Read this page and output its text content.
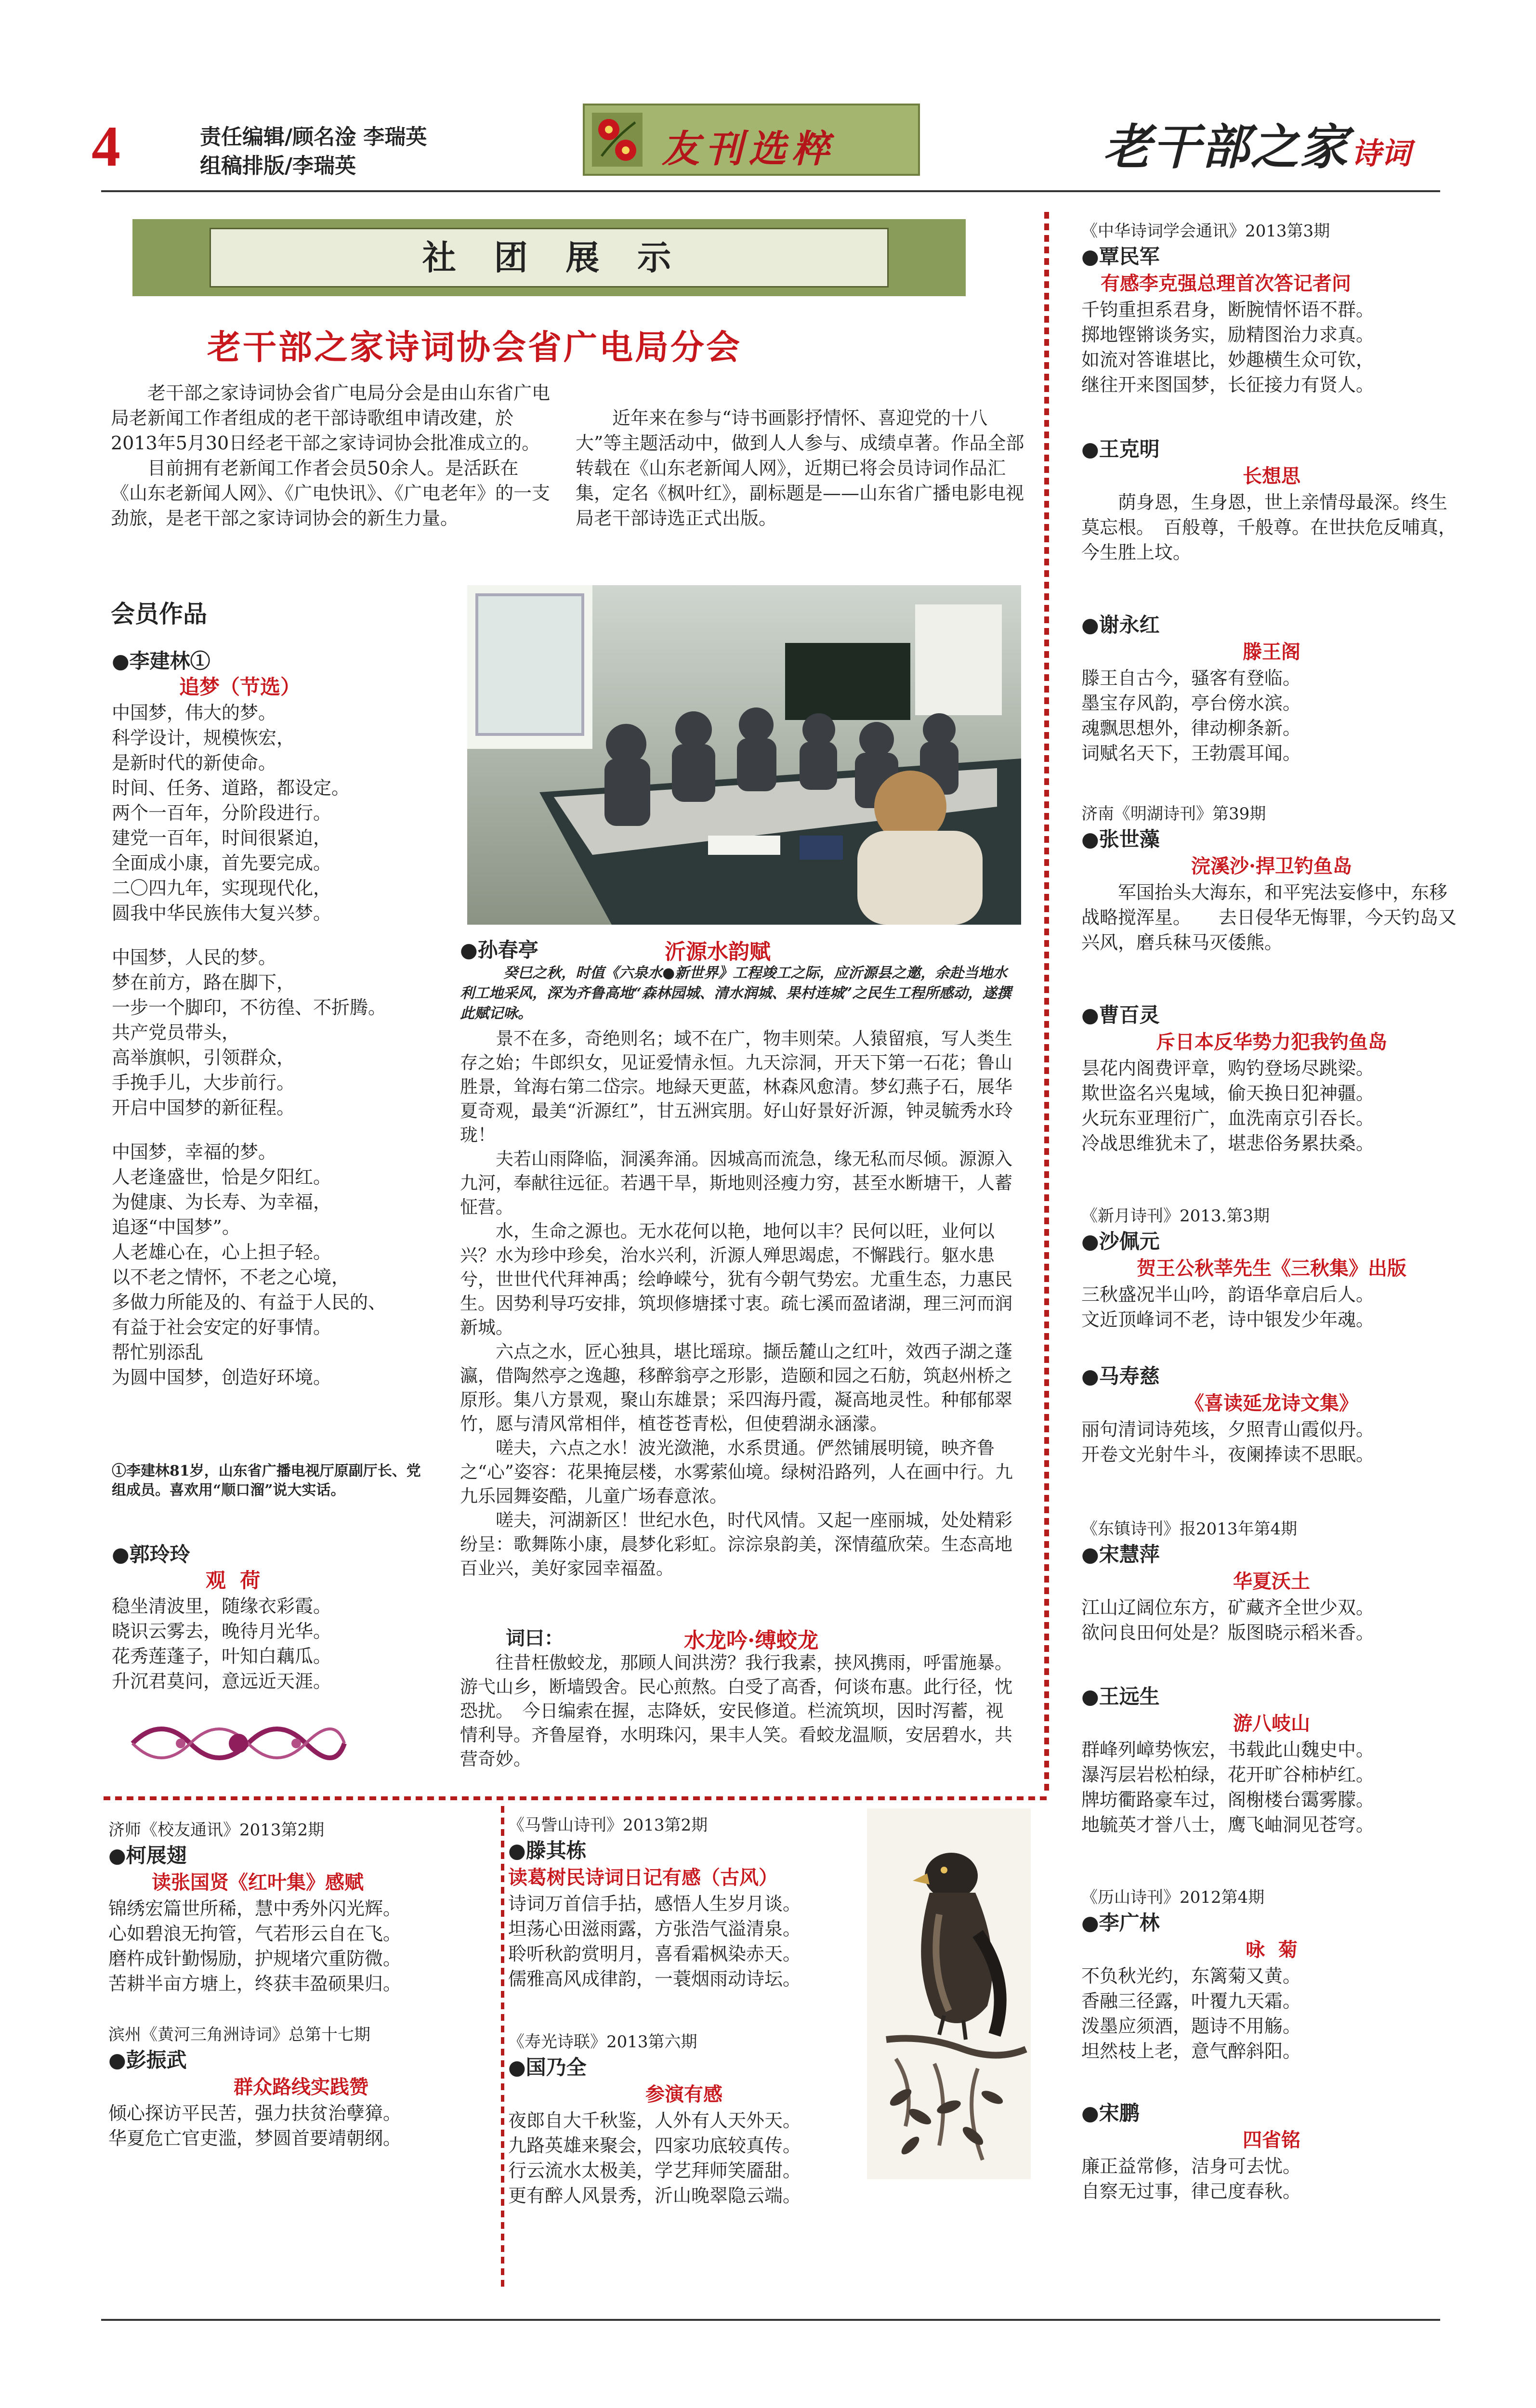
4	责任编辑/顾名淦 李瑞英
组稿排版/李瑞英	友刊选粹	老干部之家 诗词
社  团  展  示
老干部之家诗词协会省广电局分会

老干部之家诗词协会省广电局分会是由山东省广电局老新闻工作者组成的老干部诗歌组申请改建，於2013年5月30日经老干部之家诗词协会批准成立的。

目前拥有老新闻工作者会员50余人。是活跃在《山东老新闻人网》、《广电快讯》、《广电老年》的一支劲旅，是老干部之家诗词协会的新生力量。

近年来在参与“诗书画影抒情怀、喜迎党的十八大”等主题活动中，做到人人参与、成绩卓著。作品全部转载在《山东老新闻人网》，近期已将会员诗词作品汇集，定名《枫叶红》，副标题是——山东省广播电影电视局老干部诗选正式出版。

会员作品
●李建林①
追梦（节选）
中国梦，伟大的梦。
科学设计，规模恢宏，
是新时代的新使命。
时间、任务、道路，都设定。
两个一百年，分阶段进行。
建党一百年，时间很紧迫，
全面成小康，首先要完成。
二〇四九年，实现现代化，
圆我中华民族伟大复兴梦。
中国梦，人民的梦。
梦在前方，路在脚下，
一步一个脚印，不彷徨、不折腾。
共产党员带头，
高举旗帜，引领群众，
手挽手儿，大步前行。
开启中国梦的新征程。
中国梦，幸福的梦。
人老逢盛世，恰是夕阳红。
为健康、为长寿、为幸福，
追逐“中国梦”。
人老雄心在，心上担子轻。
以不老之情怀，不老之心境，
多做力所能及的、有益于人民的、
有益于社会安定的好事情。
帮忙别添乱
为圆中国梦，创造好环境。
①李建林81岁，山东省广播电视厅原副厅长、党组成员。喜欢用“顺口溜”说大实话。
●郭玲玲
观  荷
稳坐清波里，随缘衣彩霞。
晓识云雾去，晚待月光华。
花秀莲蓬子，叶知白藕瓜。
升沉君莫问，意远近天涯。
●孙春亭	沂源水韵赋
癸巳之秋，时值《六泉水●新世界》工程竣工之际，应沂源县之邀，余赴当地水利工地采风，深为齐鲁高地“森林园城、清水润城、果村连城”之民生工程所感动，遂撰此赋记咏。

景不在多，奇绝则名；域不在广，物丰则荣。人猿留痕，写人类生存之始；牛郎织女，见证爱情永恒。九天淙洞，开天下第一石花；鲁山胜景，耸海右第二岱宗。地緑天更蓝，林森风愈清。梦幻燕子石，展华夏奇观，最美“沂源红”，甘五洲宾朋。好山好景好沂源，钟灵毓秀水玲珑！

夫若山雨降临，洞溪奔涌。因城高而流急，缘无私而尽倾。源源入九河，奉献往远征。若遇干旱，斯地则泾瘦力穷，甚至水断塘干，人蓄怔营。

水，生命之源也。无水花何以艳，地何以丰？民何以旺，业何以兴？水为珍中珍矣，治水兴利，沂源人殚思竭虑，不懈践行。躯水患兮，世世代代拜神禹；绘峥嵘兮，犹有今朝气势宏。尤重生态，力惠民生。因势利导巧安排，筑坝修塘揉寸衷。疏七溪而盈诸湖，理三河而润新城。

六点之水，匠心独具，堪比瑶琼。撷岳麓山之红叶，效西子湖之蓬瀛，借陶然亭之逸趣，移醉翁亭之形影，造颐和园之石舫，筑赵州桥之原形。集八方景观，聚山东雄景；采四海丹霞，凝高地灵性。种郁郁翠竹，愿与清风常相伴，植苍苍青松，但使碧湖永涵濛。

嗟夫，六点之水！波光潋滟，水系贯通。俨然铺展明镜，映齐鲁之“心”姿容：花果掩层楼，水雾萦仙境。绿树沿路列，人在画中行。九九乐园舞姿酷，儿童广场春意浓。

嗟夫，河湖新区！世纪水色，时代风情。又起一座丽城，处处精彩纷呈：歌舞陈小康，晨梦化彩虹。淙淙泉韵美，深情蕴欣荣。生态高地百业兴，美好家园幸福盈。

词曰：	水龙吟·缚蛟龙
往昔枉傲蛟龙，那顾人间洪涝？我行我素，挟风携雨，呼雷施暴。游弋山乡，断墙毁舍。民心煎熬。白受了高香，何谈布惠。此行径，忱恐扰。　今日编索在握，志降妖，安民修道。栏流筑坝，因时泻蓄，视情利导。齐鲁屋脊，水明珠闪，果丰人笑。看蛟龙温顺，安居碧水，共营奇妙。
《中华诗词学会通讯》2013第3期
●覃民军
有感李克强总理首次答记者问
千钧重担系君身，断腕情怀语不群。
掷地铿锵谈务实，励精图治力求真。
如流对答谁堪比，妙趣横生众可钦，
继往开来图国梦，长征接力有贤人。
●王克明
长想思
　　荫身恩，生身恩，世上亲情母最深。终生莫忘根。　百般尊，千般尊。在世扶危反哺真，今生胜上坟。
●谢永红
滕王阁
滕王自古今，骚客有登临。
墨宝存风韵，亭台傍水滨。
魂飘思想外，律动柳条新。
词赋名天下，王勃震耳闻。
济南《明湖诗刊》第39期
●张世藻
浣溪沙·捍卫钓鱼岛
　　军国抬头大海东，和平宪法妄修中，东移战略搅浑星。　　去日侵华无悔罪，今天钓岛又兴风，磨兵秣马灭倭熊。
●曹百灵
斥日本反华势力犯我钓鱼岛
昙花内阁费评章，购钓登场尽跳梁。
欺世盗名兴鬼域，偷天换日犯神疆。
火玩东亚理衍广，血洗南京引吞长。
冷战思维犹未了，堪悲俗务累扶桑。
《新月诗刊》2013.第3期
●沙佩元
贺王公秋莘先生《三秋集》出版
三秋盛况半山吟，韵语华章启后人。
文近顶峰词不老，诗中银发少年魂。
●马寿慈
《喜读延龙诗文集》
丽句清词诗苑垓，夕照青山霞似丹。
开卷文光射牛斗，夜阑捧读不思眠。
《东镇诗刊》报2013年第4期
●宋慧萍
华夏沃土
江山辽阔位东方，矿藏齐全世少双。
欲问良田何处是？版图晓示稻米香。
●王远生
游八岐山
群峰列嶂势恢宏，书载此山魏史中。
瀑泻层岩松柏绿，花开旷谷柿栌红。
牌坊衢路豪车过，阁榭楼台霭雾朦。
地毓英才誉八士，鹰飞岫洞见苍穹。
《历山诗刊》2012第4期
●李广林
咏  菊
不负秋光约，东篱菊又黄。
香融三径露，叶覆九天霜。
泼墨应须酒，题诗不用觞。
坦然枝上老，意气醉斜阳。
●宋鹏
四省铭
廉正益常修，洁身可去忧。
自察无过事，律己度春秋。
济师《校友通讯》2013第2期
●柯展翅
读张国贤《红叶集》感赋
锦绣宏篇世所稀，慧中秀外闪光辉。
心如碧浪无拘管，气若形云自在飞。
磨杵成针勤惕励，护规堵穴重防微。
苦耕半亩方塘上，终获丰盈硕果归。
滨州《黄河三角洲诗词》总第十七期
●彭振武
群众路线实践赞
倾心探访平民苦，强力扶贫治孽獐。
华夏危亡官吏滥，梦圆首要靖朝纲。
《马訾山诗刊》2013第2期
●滕其栋
读葛树民诗词日记有感（古风）
诗词万首信手拈，感悟人生岁月谈。
坦荡心田滋雨露，方张浩气溢清泉。
聆听秋韵赏明月，喜看霜枫染赤天。
儒雅高风成律韵，一蓑烟雨动诗坛。
《寿光诗联》2013第六期
●国乃全
参演有感
夜郎自大千秋鉴，人外有人天外天。
九路英雄来聚会，四家功底较真传。
行云流水太极美，学艺拜师笑靥甜。
更有醉人风景秀，沂山晚翠隐云端。
